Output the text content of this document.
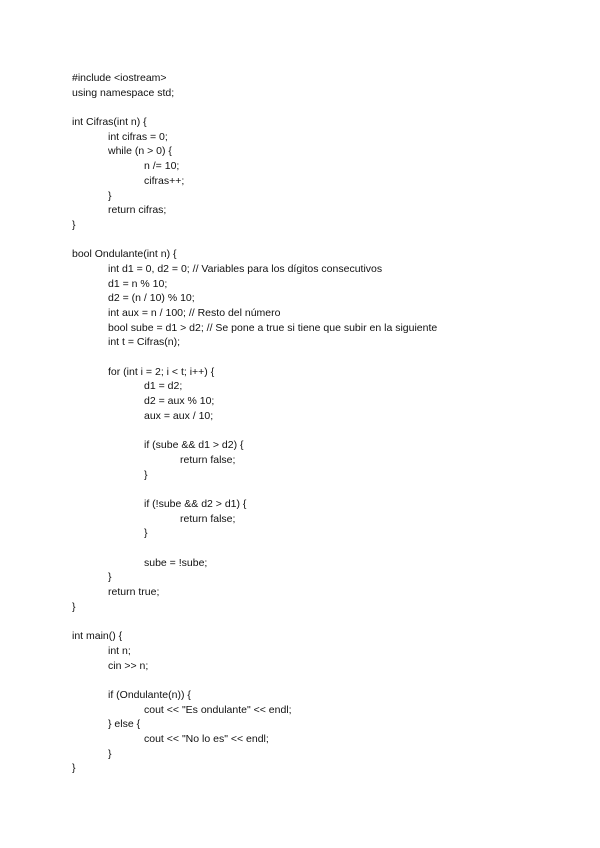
#include <iostream>
using namespace std;
int Cifras(int n) {
int cifras = 0;
while (n > 0) {
n /= 10;
cifras++;
}
return cifras;
}
bool Ondulante(int n) {
int d1 = 0, d2 = 0; // Variables para los dígitos consecutivos
d1 = n % 10;
d2 = (n / 10) % 10;
int aux = n / 100; // Resto del número
bool sube = d1 > d2; // Se pone a true si tiene que subir en la siguiente
int t = Cifras(n);
for (int i = 2; i < t; i++) {
d1 = d2;
d2 = aux % 10;
aux = aux / 10;
if (sube && d1 > d2) {
return false;
}
if (!sube && d2 > d1) {
return false;
}
sube = !sube;
}
return true;
}
int main() {
int n;
cin >> n;
if (Ondulante(n)) {
cout << "Es ondulante" << endl;
} else {
cout << "No lo es" << endl;
}
}
